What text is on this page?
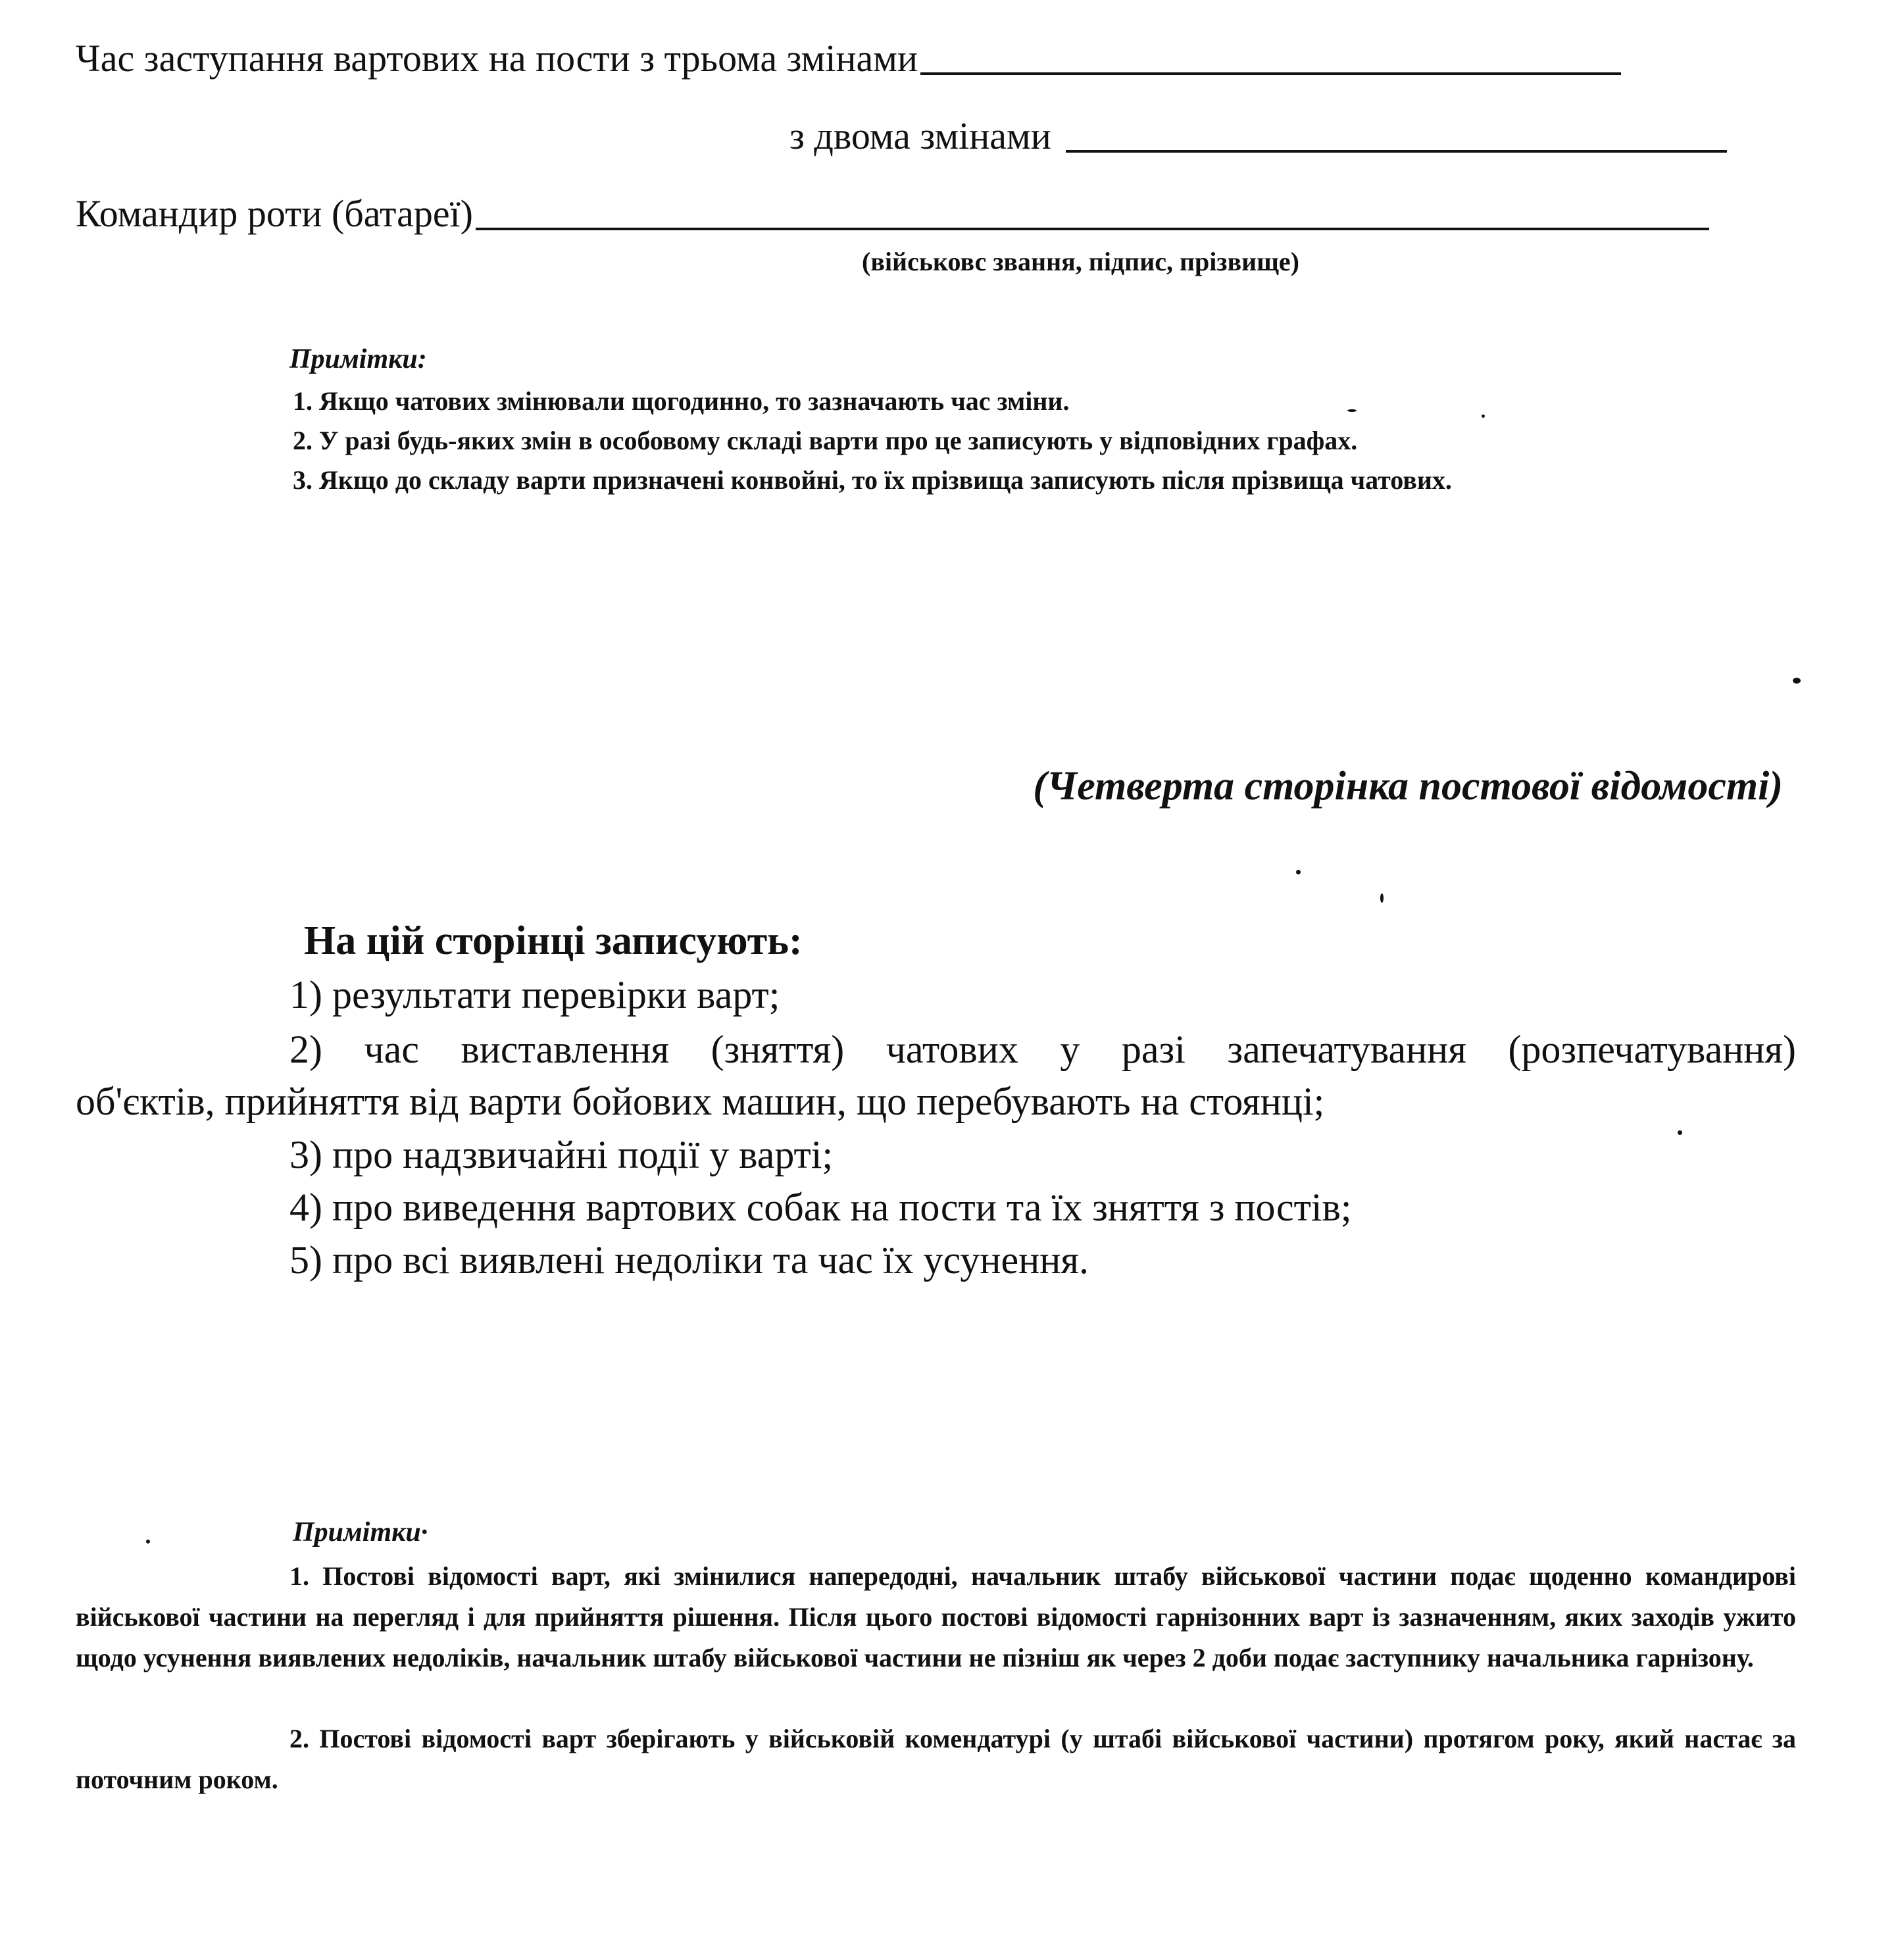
Час заступання вартових на пости з трьома змінами
з двома змінами
Командир роти (батареї)
(військовс звання, підпис, прізвище)
Примітки:
1. Якщо чатових змінювали щогодинно, то зазначають час зміни.
2. У разі будь-яких змін в особовому складі варти про це записують у відповідних графах.
3. Якщо до складу варти призначені конвойні, то їх прізвища записують після прізвища чатових.
(Четверта сторінка постової відомості)
На цій сторінці записують:
1) результати перевірки варт;
2) час виставлення (зняття) чатових у разі запечатування (розпечатування)
об'єктів, прийняття від варти бойових машин, що перебувають на стоянці;
3) про надзвичайні події у варті;
4) про виведення вартових собак на пости та їх зняття з постів;
5) про всі виявлені недоліки та час їх усунення.
Примітки·
1. Постові відомості варт, які змінилися напередодні, начальник штабу військової частини подає щоденно командирові військової частини на перегляд і для прийняття рішення. Після цього постові відомості гарнізонних варт із зазначенням, яких заходів ужито щодо усунення виявлених недоліків, начальник штабу військової частини не пізніш як через 2 доби подає заступнику начальника гарнізону.
2. Постові відомості варт зберігають у військовій комендатурі (у штабі військової частини) протягом року, який настає за поточним роком.
